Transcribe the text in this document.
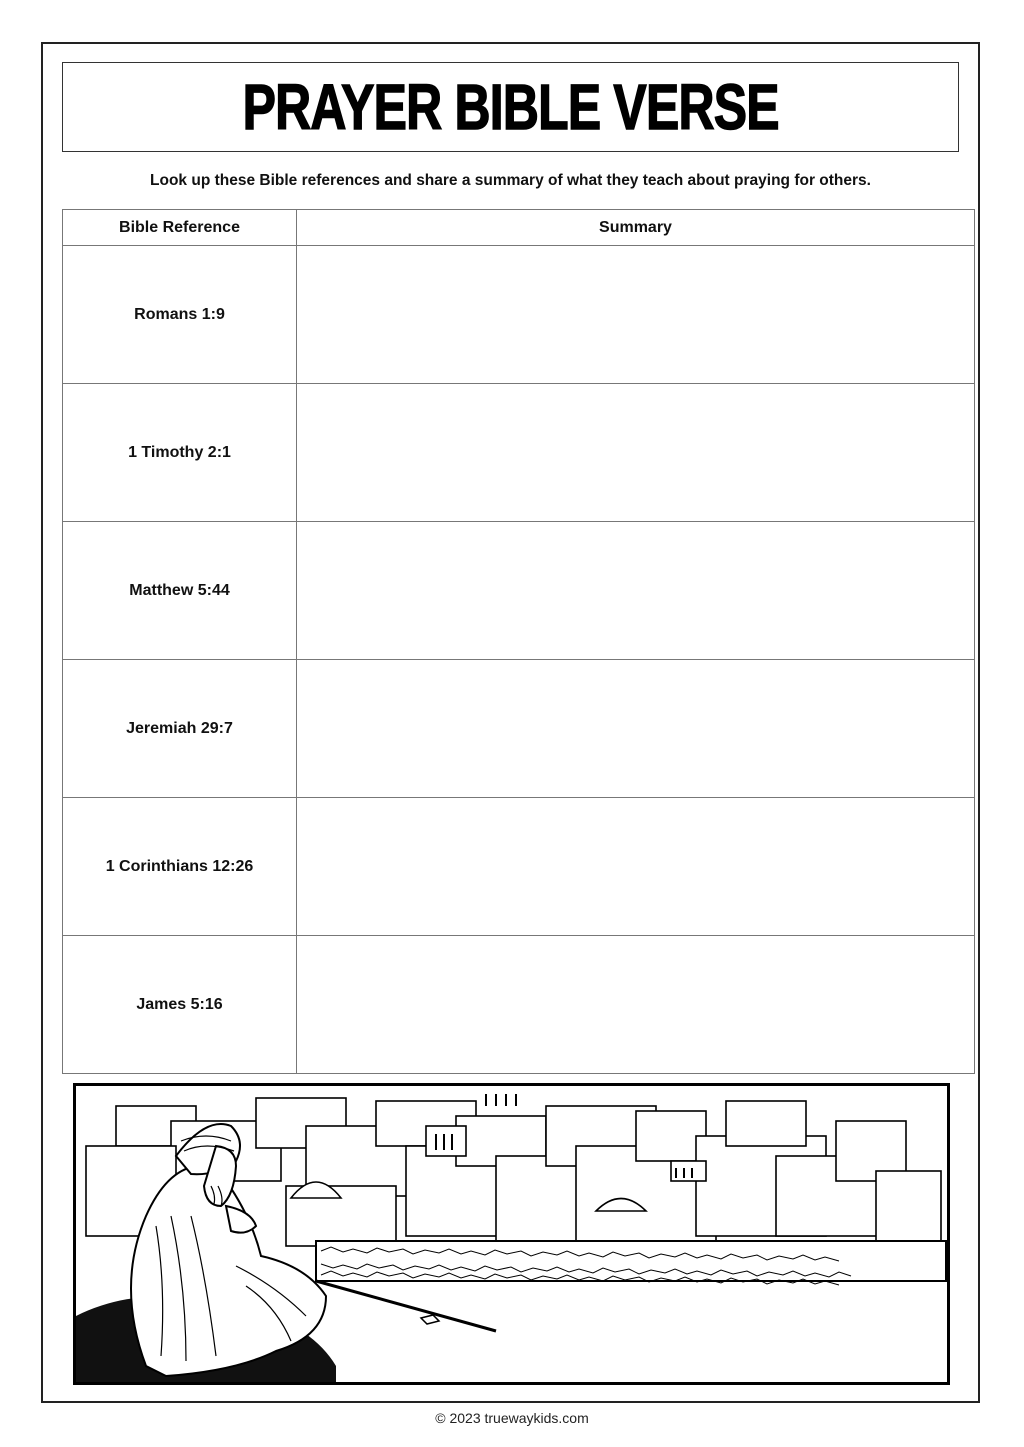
PRAYER BIBLE VERSE
Look up these Bible references and share a summary of what they teach about praying for others.
Bible Reference	Summary
Romans 1:9	
1 Timothy 2:1	
Matthew 5:44	
Jeremiah 29:7	
1 Corinthians 12:26	
James 5:16	
© 2023 truewaykids.com
